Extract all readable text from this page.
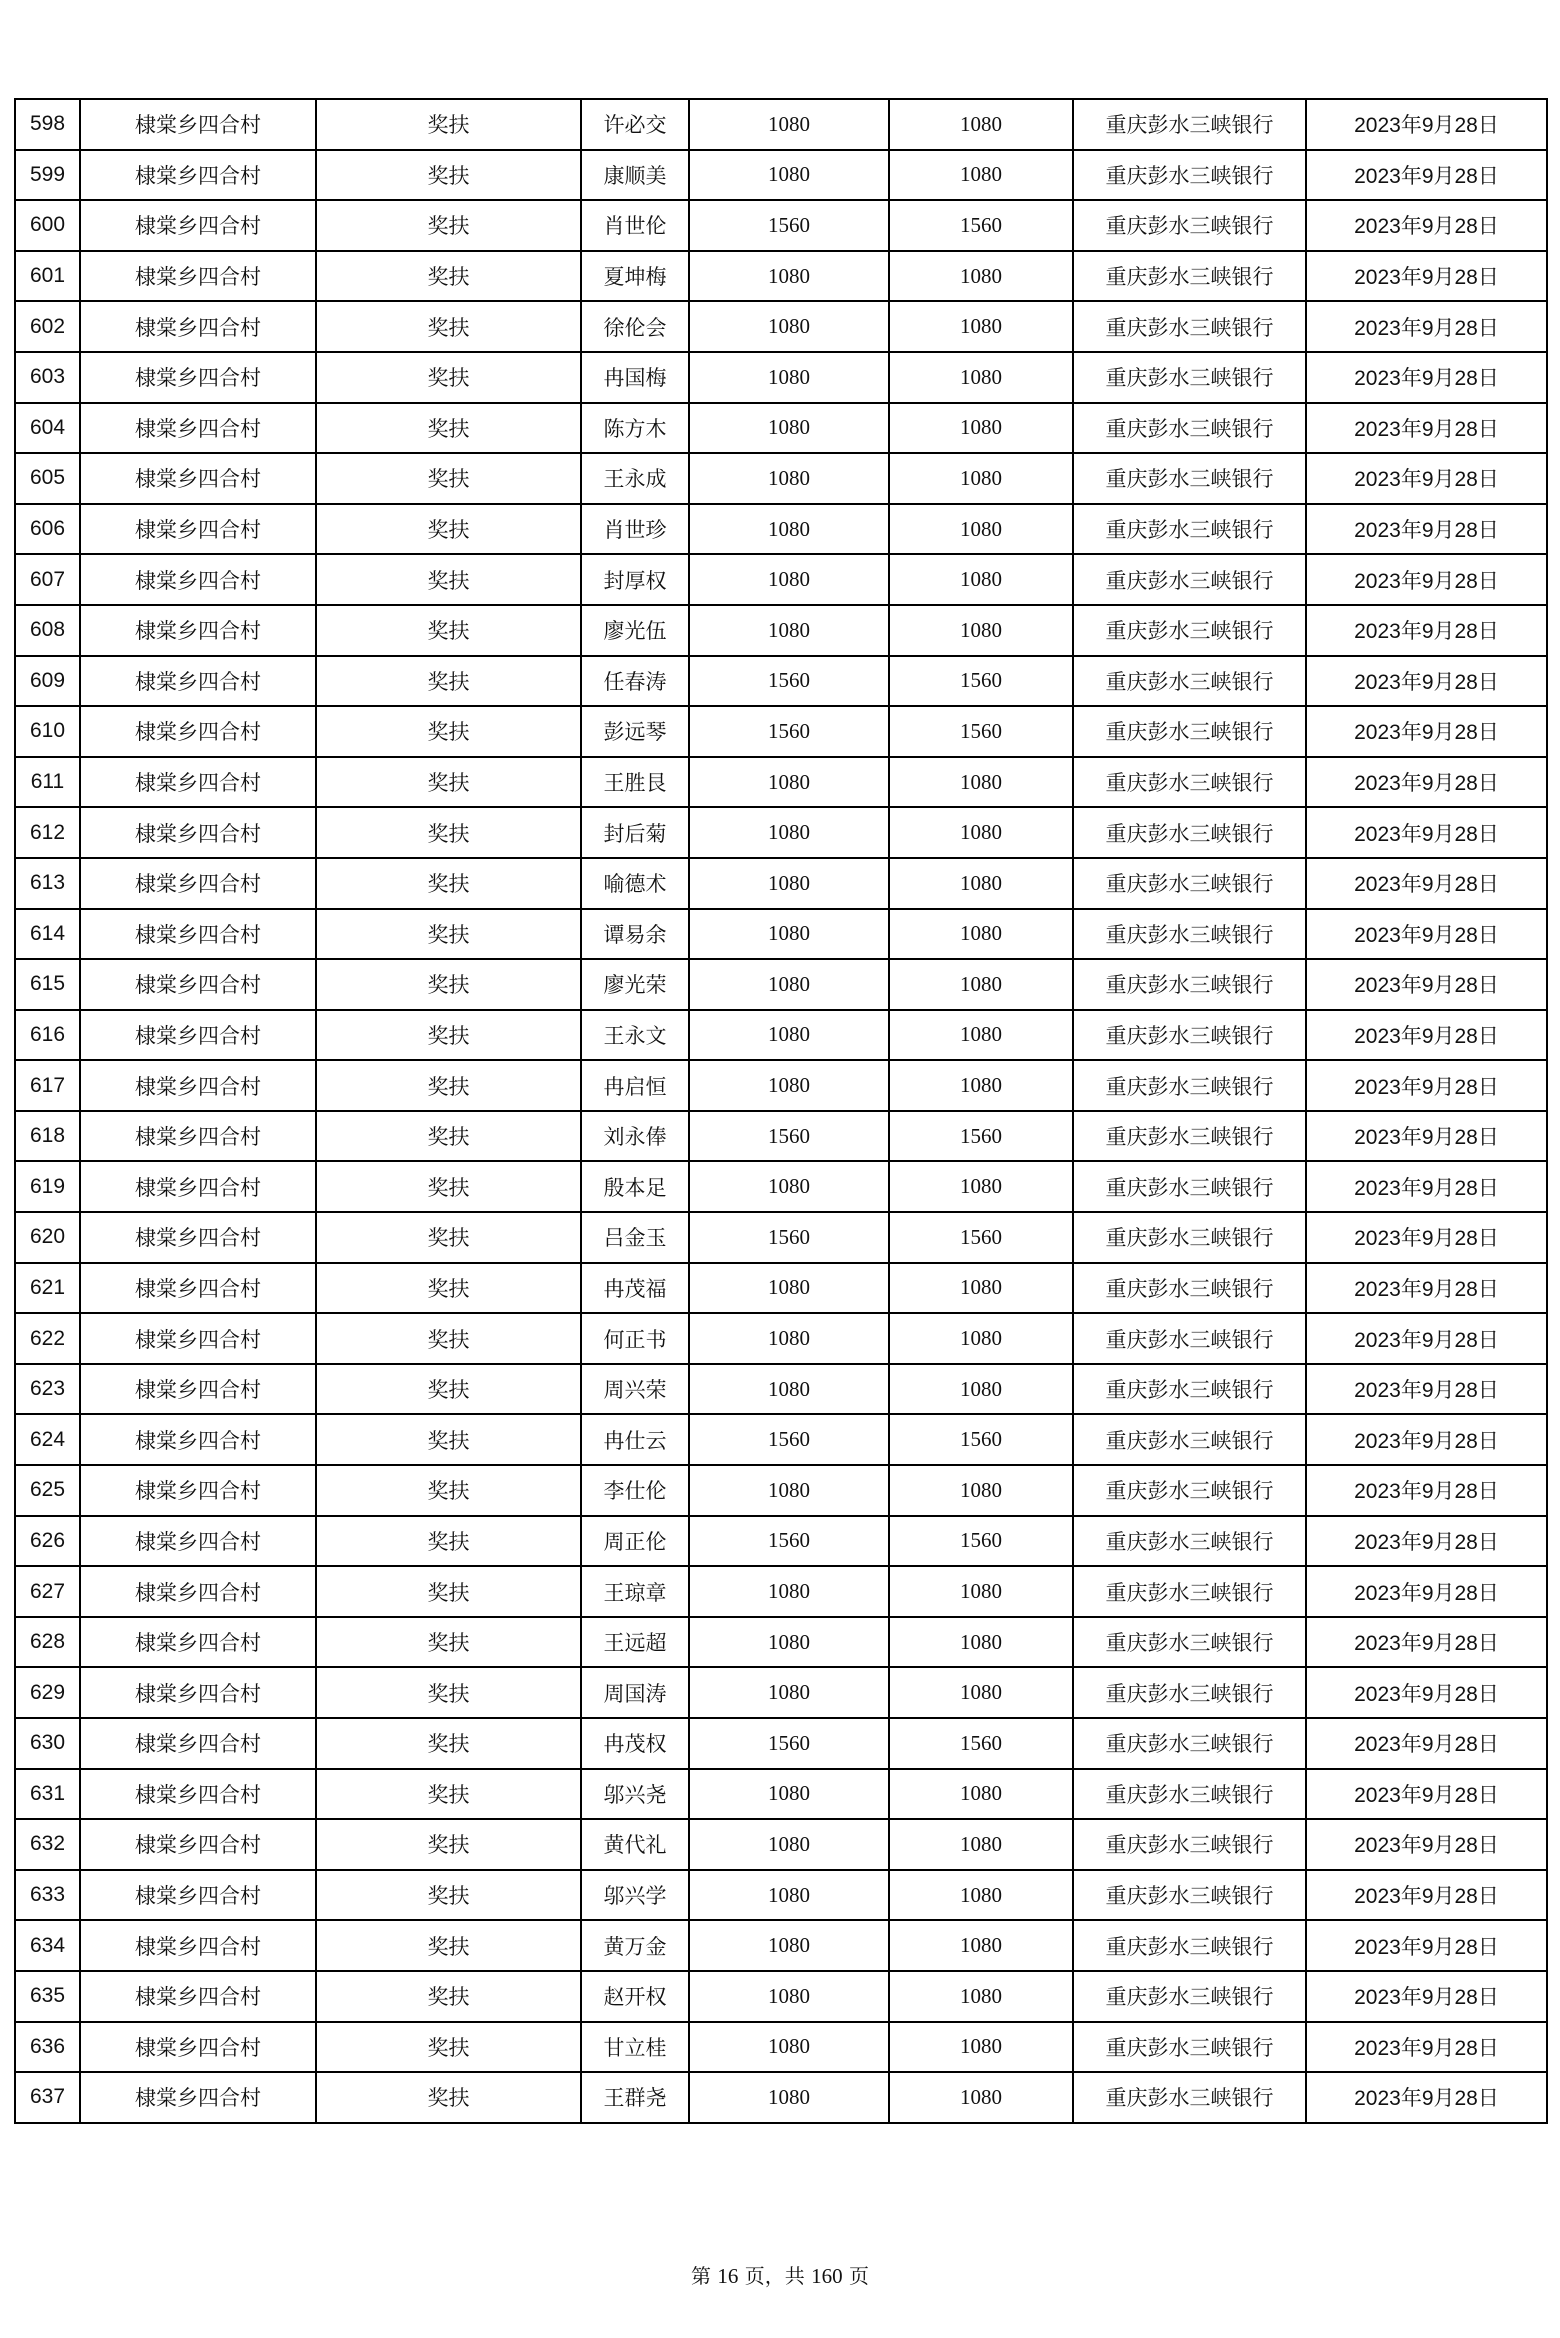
598	棣棠乡四合村	奖扶	许必交	1080	1080	重庆彭水三峡银行	2023年9月28日
599	棣棠乡四合村	奖扶	康顺美	1080	1080	重庆彭水三峡银行	2023年9月28日
600	棣棠乡四合村	奖扶	肖世伦	1560	1560	重庆彭水三峡银行	2023年9月28日
601	棣棠乡四合村	奖扶	夏坤梅	1080	1080	重庆彭水三峡银行	2023年9月28日
602	棣棠乡四合村	奖扶	徐伦会	1080	1080	重庆彭水三峡银行	2023年9月28日
603	棣棠乡四合村	奖扶	冉国梅	1080	1080	重庆彭水三峡银行	2023年9月28日
604	棣棠乡四合村	奖扶	陈方木	1080	1080	重庆彭水三峡银行	2023年9月28日
605	棣棠乡四合村	奖扶	王永成	1080	1080	重庆彭水三峡银行	2023年9月28日
606	棣棠乡四合村	奖扶	肖世珍	1080	1080	重庆彭水三峡银行	2023年9月28日
607	棣棠乡四合村	奖扶	封厚权	1080	1080	重庆彭水三峡银行	2023年9月28日
608	棣棠乡四合村	奖扶	廖光伍	1080	1080	重庆彭水三峡银行	2023年9月28日
609	棣棠乡四合村	奖扶	任春涛	1560	1560	重庆彭水三峡银行	2023年9月28日
610	棣棠乡四合村	奖扶	彭远琴	1560	1560	重庆彭水三峡银行	2023年9月28日
611	棣棠乡四合村	奖扶	王胜艮	1080	1080	重庆彭水三峡银行	2023年9月28日
612	棣棠乡四合村	奖扶	封后菊	1080	1080	重庆彭水三峡银行	2023年9月28日
613	棣棠乡四合村	奖扶	喻德术	1080	1080	重庆彭水三峡银行	2023年9月28日
614	棣棠乡四合村	奖扶	谭易余	1080	1080	重庆彭水三峡银行	2023年9月28日
615	棣棠乡四合村	奖扶	廖光荣	1080	1080	重庆彭水三峡银行	2023年9月28日
616	棣棠乡四合村	奖扶	王永文	1080	1080	重庆彭水三峡银行	2023年9月28日
617	棣棠乡四合村	奖扶	冉启恒	1080	1080	重庆彭水三峡银行	2023年9月28日
618	棣棠乡四合村	奖扶	刘永俸	1560	1560	重庆彭水三峡银行	2023年9月28日
619	棣棠乡四合村	奖扶	殷本足	1080	1080	重庆彭水三峡银行	2023年9月28日
620	棣棠乡四合村	奖扶	吕金玉	1560	1560	重庆彭水三峡银行	2023年9月28日
621	棣棠乡四合村	奖扶	冉茂福	1080	1080	重庆彭水三峡银行	2023年9月28日
622	棣棠乡四合村	奖扶	何正书	1080	1080	重庆彭水三峡银行	2023年9月28日
623	棣棠乡四合村	奖扶	周兴荣	1080	1080	重庆彭水三峡银行	2023年9月28日
624	棣棠乡四合村	奖扶	冉仕云	1560	1560	重庆彭水三峡银行	2023年9月28日
625	棣棠乡四合村	奖扶	李仕伦	1080	1080	重庆彭水三峡银行	2023年9月28日
626	棣棠乡四合村	奖扶	周正伦	1560	1560	重庆彭水三峡银行	2023年9月28日
627	棣棠乡四合村	奖扶	王琼章	1080	1080	重庆彭水三峡银行	2023年9月28日
628	棣棠乡四合村	奖扶	王远超	1080	1080	重庆彭水三峡银行	2023年9月28日
629	棣棠乡四合村	奖扶	周国涛	1080	1080	重庆彭水三峡银行	2023年9月28日
630	棣棠乡四合村	奖扶	冉茂权	1560	1560	重庆彭水三峡银行	2023年9月28日
631	棣棠乡四合村	奖扶	邬兴尧	1080	1080	重庆彭水三峡银行	2023年9月28日
632	棣棠乡四合村	奖扶	黄代礼	1080	1080	重庆彭水三峡银行	2023年9月28日
633	棣棠乡四合村	奖扶	邬兴学	1080	1080	重庆彭水三峡银行	2023年9月28日
634	棣棠乡四合村	奖扶	黄万金	1080	1080	重庆彭水三峡银行	2023年9月28日
635	棣棠乡四合村	奖扶	赵开权	1080	1080	重庆彭水三峡银行	2023年9月28日
636	棣棠乡四合村	奖扶	甘立桂	1080	1080	重庆彭水三峡银行	2023年9月28日
637	棣棠乡四合村	奖扶	王群尧	1080	1080	重庆彭水三峡银行	2023年9月28日
第 16 页，共 160 页
